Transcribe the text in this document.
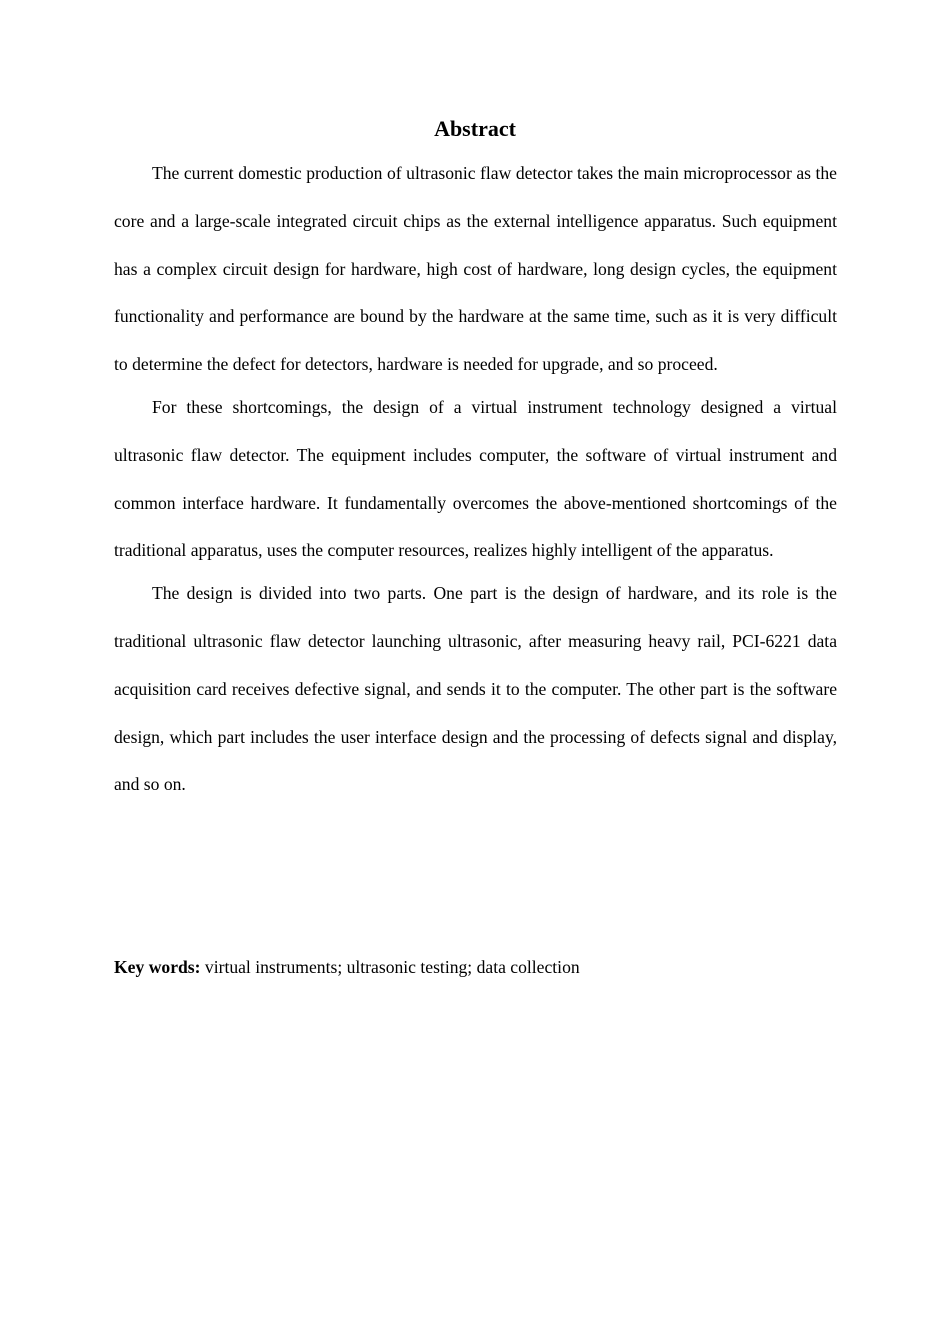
Abstract

The current domestic production of ultrasonic flaw detector takes the main microprocessor as the core and a large-scale integrated circuit chips as the external intelligence apparatus. Such equipment has a complex circuit design for hardware, high cost of hardware, long design cycles, the equipment functionality and performance are bound by the hardware at the same time, such as it is very difficult to determine the defect for detectors, hardware is needed for upgrade, and so proceed.

For these shortcomings, the design of a virtual instrument technology designed a virtual ultrasonic flaw detector. The equipment includes computer, the software of virtual instrument and common interface hardware. It fundamentally overcomes the above-mentioned shortcomings of the traditional apparatus, uses the computer resources, realizes highly intelligent of the apparatus.

The design is divided into two parts. One part is the design of hardware, and its role is the traditional ultrasonic flaw detector launching ultrasonic, after measuring heavy rail, PCI-6221 data acquisition card receives defective signal, and sends it to the computer. The other part is the software design, which part includes the user interface design and the processing of defects signal and display, and so on.

Key words: virtual instruments; ultrasonic testing; data collection
